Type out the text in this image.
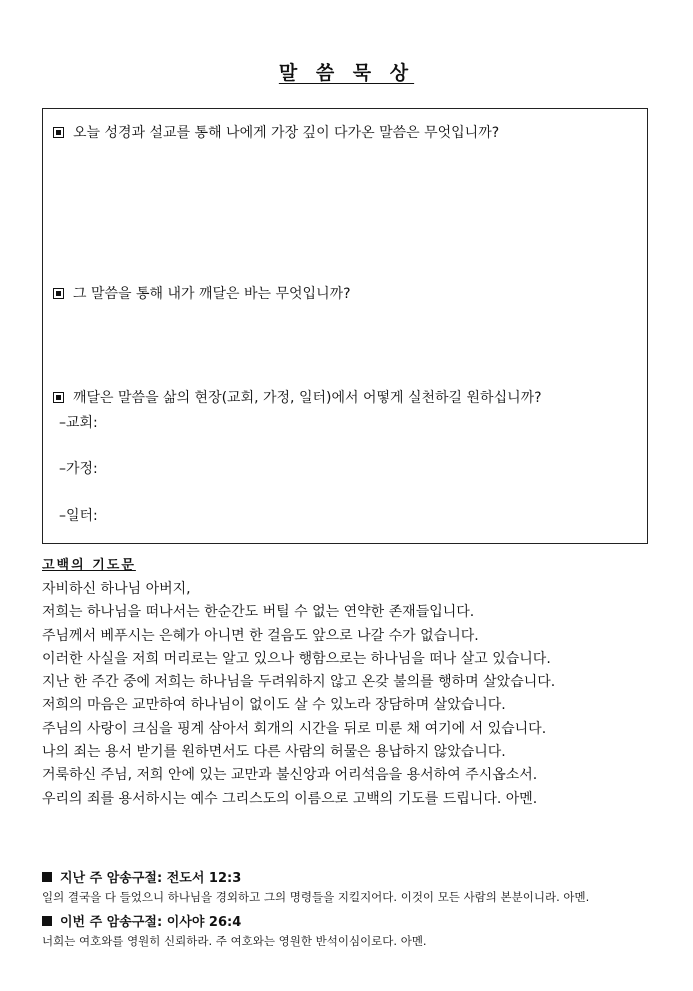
말 씀 묵 상
오늘 성경과 설교를 통해 나에게 가장 깊이 다가온 말씀은 무엇입니까?
그 말씀을 통해 내가 깨달은 바는 무엇입니까?
깨달은 말씀을 삶의 현장(교회, 가정, 일터)에서 어떻게 실천하길 원하십니까?
–교회:
–가정:
–일터:
고백의 기도문
자비하신 하나님 아버지,
저희는 하나님을 떠나서는 한순간도 버틸 수 없는 연약한 존재들입니다.
주님께서 베푸시는 은혜가 아니면 한 걸음도 앞으로 나갈 수가 없습니다.
이러한 사실을 저희 머리로는 알고 있으나 행함으로는 하나님을 떠나 살고 있습니다.
지난 한 주간 중에 저희는 하나님을 두려워하지 않고 온갖 불의를 행하며 살았습니다.
저희의 마음은 교만하여 하나님이 없이도 살 수 있노라 장담하며 살았습니다.
주님의 사랑이 크심을 핑계 삼아서 회개의 시간을 뒤로 미룬 채 여기에 서 있습니다.
나의 죄는 용서 받기를 원하면서도 다른 사람의 허물은 용납하지 않았습니다.
거룩하신 주님, 저희 안에 있는 교만과 불신앙과 어리석음을 용서하여 주시옵소서.
우리의 죄를 용서하시는 예수 그리스도의 이름으로 고백의 기도를 드립니다. 아멘.
지난 주 암송구절: 전도서 12:3
일의 결국을 다 들었으니 하나님을 경외하고 그의 명령들을 지킬지어다. 이것이 모든 사람의 본분이니라. 아멘.
이번 주 암송구절: 이사야 26:4
너희는 여호와를 영원히 신뢰하라. 주 여호와는 영원한 반석이심이로다. 아멘.
